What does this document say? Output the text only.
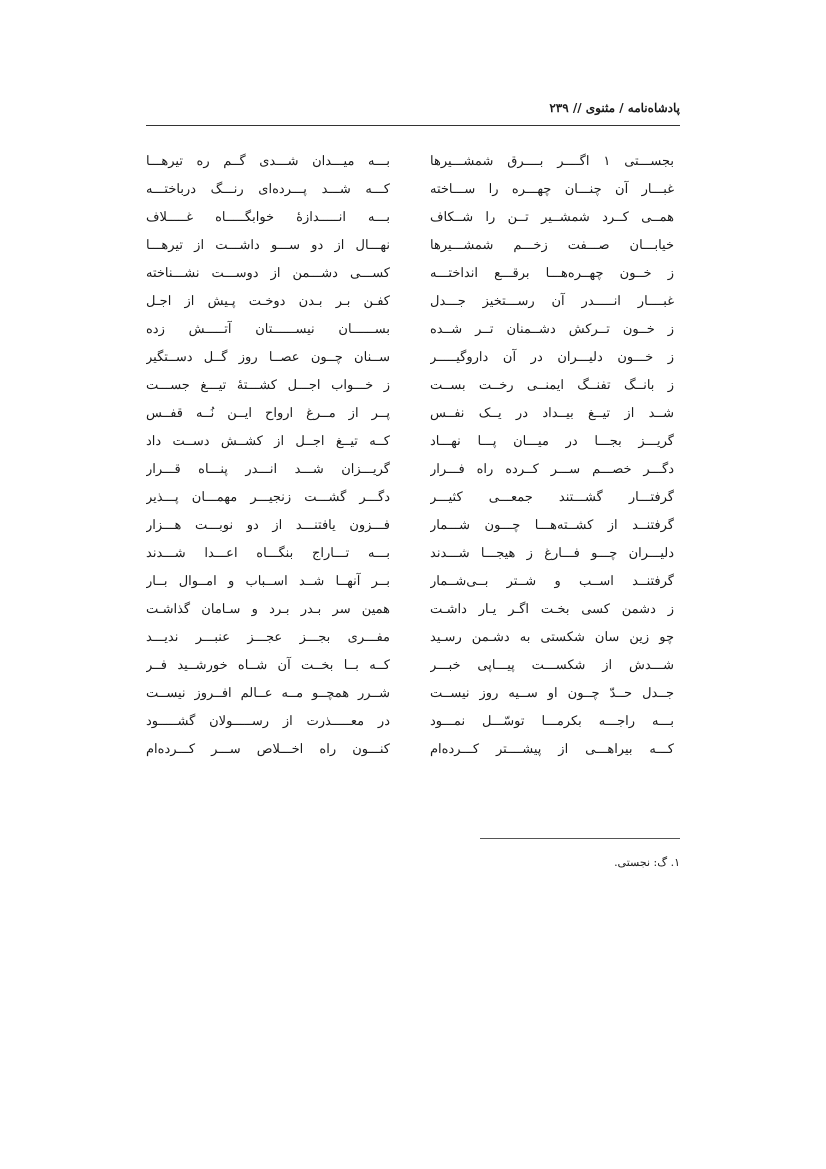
پادشاه‌نامه / مثنوی // ۲۳۹
بجســـتی ۱ اگــــر بــــرق شمشـــیرها
غبـــار آن چنـــان چهـــره را ســـاخته
همــی کــرد شمشــیر تــن را شــکاف
خیابـــان صـــفت زخـــم شمشـــیرها
ز خــون چهــره‌هـــا برقـــع انداختـــه
غبــــار انـــــدر آن رســـتخیز جـــدل
ز خــون تــرکش دشــمنان تــر شــده
ز خـــون دلیـــران در آن داروگیـــــر
ز بانــگ تفنــگ ایمنــی رخــت بســت
شــد از تیــغ بیــداد در یــک نفــس
گریـــز بجـــا در میـــان پـــا نهـــاد
دگـــر خصـــم ســـر کــرده راه فـــرار
گرفتـــار گشـــتند جمعـــی کثیـــر
گرفتنــد از کشــته‌هـــا چـــون شـــمار
دلیـــران چـــو فـــارغ ز هیجـــا شـــدند
گرفتنــد اســب و شــتر بــی‌شــمار
ز دشمن کسی بخـت اگـر یـار داشـت
چو زین سان شکستی به دشـمن رسـید
شـــدش از شکســـت پیـــاپی خبـــر
جــدل حــدّ چــون او ســیه روز نیســت
بـــه راجـــه بکرمـــا توسّـــل نمـــود
کـــه بیراهـــی از پیشــــتر کـــرده‌ام
بـــه میـــدان شـــدی گــم ره تیرهـــا
کـــه شـــد پـــرده‌ای رنـــگ درباختـــه
بـــه انـــــدازهٔ خوابگـــــاه غـــــلاف
نهـــال از دو ســـو داشـــت از تیرهـــا
کســـی دشـــمن از دوســـت نشـــناخته
کفـن بـر بـدن دوخـت پـیش از اجـل
بســــــان نیســــــتان آتـــــش زده
ســنان چــون عصــا روز گــل دســتگیر
ز خـــواب اجـــل کشـــتهٔ تیـــغ جســـت
پــر از مــرغ ارواح ایــن نُــه قفــس
کــه تیــغ اجــل از کشــش دســت داد
گریـــزان شـــد انـــدر پنـــاه قـــرار
دگـــر گشـــت زنجیـــر مهمـــان پـــذیر
فـــزون یافتنـــد از دو نوبـــت هـــزار
بـــه تـــاراج بنگـــاه اعـــدا شـــدند
بــر آنهــا شــد اســباب و امــوال بــار
همین سر بـدر بـرد و سـامان گذاشـت
مفـــری بجـــز عجـــز عنبـــر ندیـــد
کــه بــا بخــت آن شــاه خورشــید فــر
شــرر همچــو مــه عــالم افــروز نیســت
در معـــــذرت از رســـــولان گشـــــود
کنـــون راه اخـــلاص ســـر کـــرده‌ام
۱. گ: نجستی.
